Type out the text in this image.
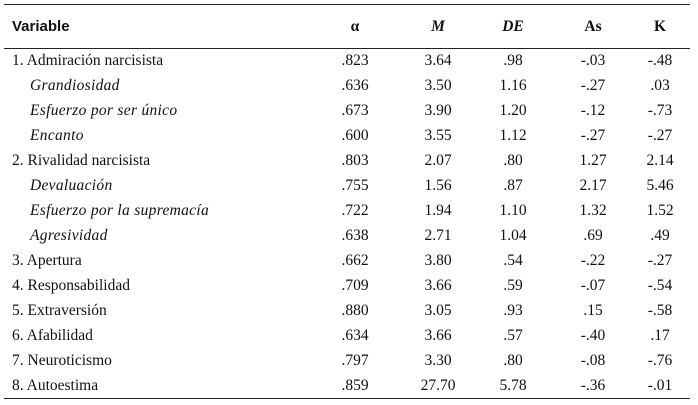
Variable	α	M	DE	As	K
1. Admiración narcisista	.823	3.64	.98	-.03	-.48
Grandiosidad	.636	3.50	1.16	-.27	.03
Esfuerzo por ser único	.673	3.90	1.20	-.12	-.73
Encanto	.600	3.55	1.12	-.27	-.27
2. Rivalidad narcisista	.803	2.07	.80	1.27	2.14
Devaluación	.755	1.56	.87	2.17	5.46
Esfuerzo por la supremacía	.722	1.94	1.10	1.32	1.52
Agresividad	.638	2.71	1.04	.69	.49
3. Apertura	.662	3.80	.54	-.22	-.27
4. Responsabilidad	.709	3.66	.59	-.07	-.54
5. Extraversión	.880	3.05	.93	.15	-.58
6. Afabilidad	.634	3.66	.57	-.40	.17
7. Neuroticismo	.797	3.30	.80	-.08	-.76
8. Autoestima	.859	27.70	5.78	-.36	-.01
